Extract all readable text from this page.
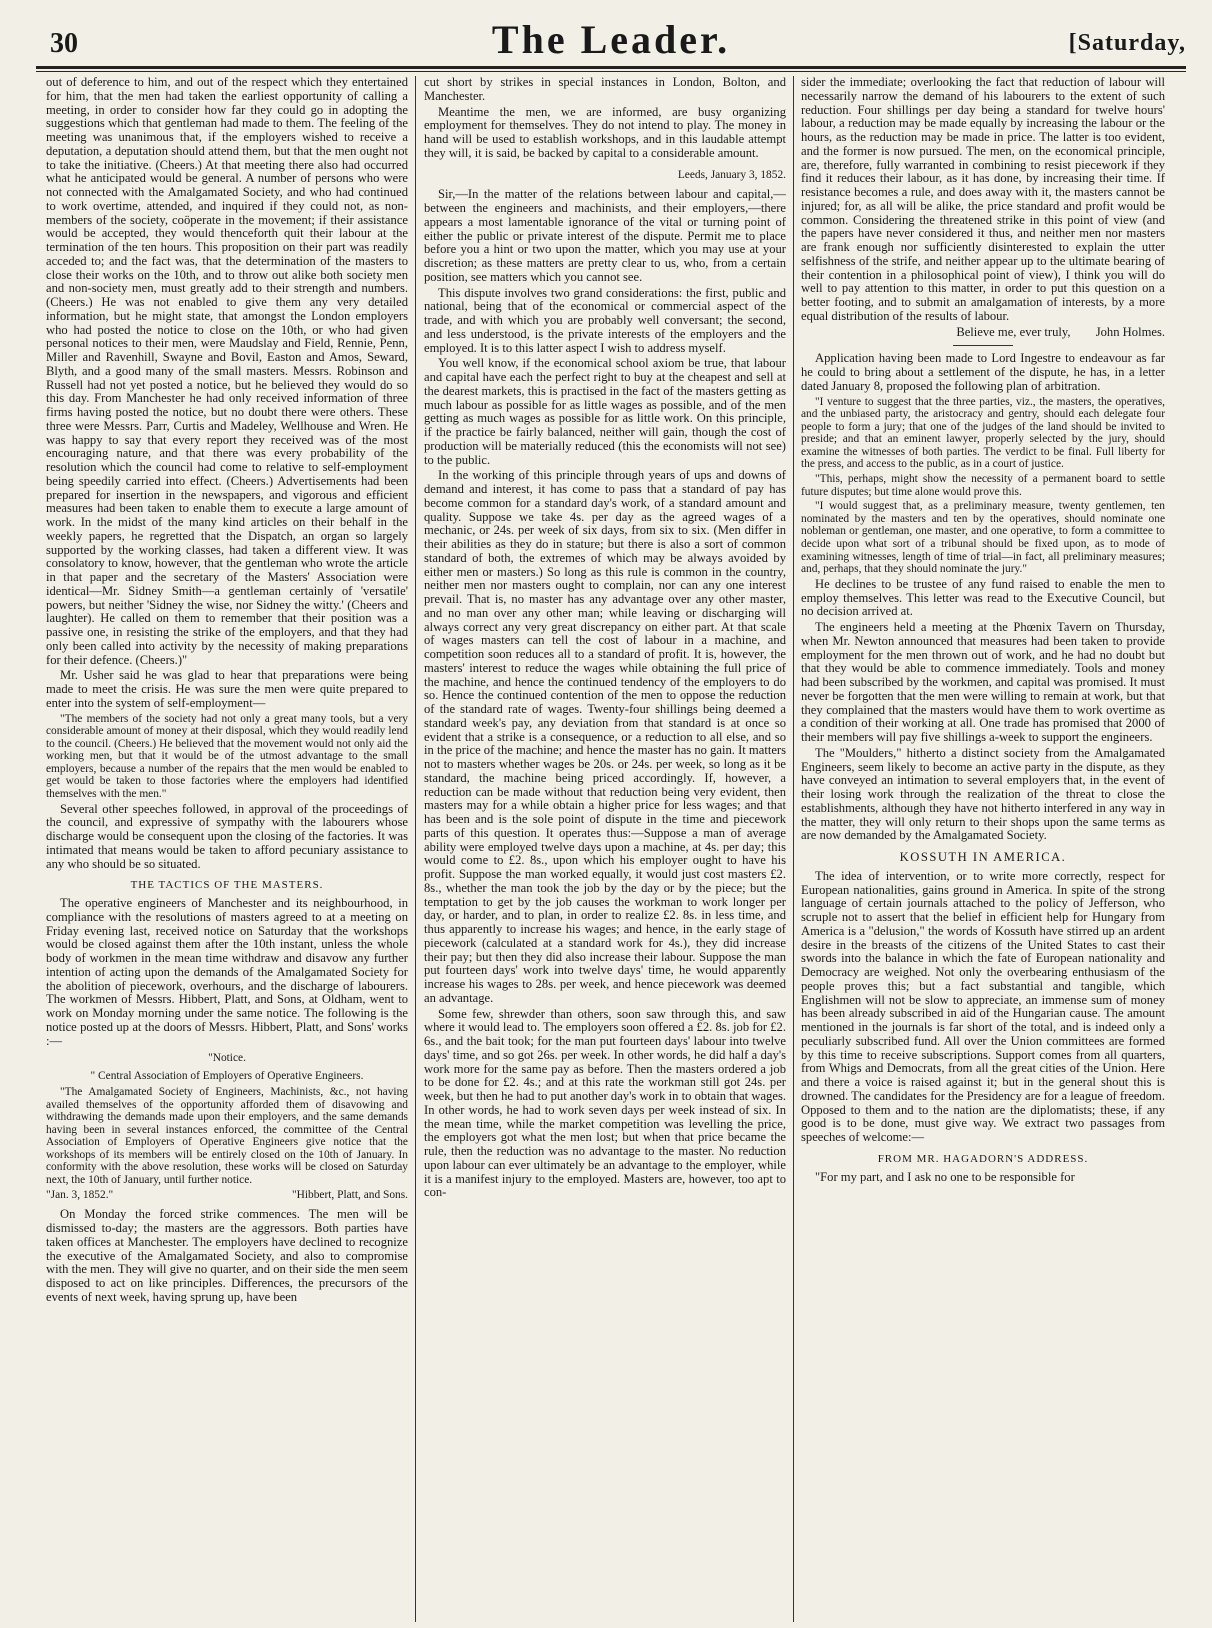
30	The Leader.	[Saturday,

out of deference to him, and out of the respect which they entertained for him, that the men had taken the earliest opportunity of calling a meeting, in order to consider how far they could go in adopting the suggestions which that gentleman had made to them. The feeling of the meeting was unanimous that, if the employers wished to receive a deputation, a deputation should attend them, but that the men ought not to take the initiative. (Cheers.) At that meeting there also had occurred what he anticipated would be general. A number of persons who were not connected with the Amalgamated Society, and who had continued to work overtime, attended, and inquired if they could not, as non-members of the society, coöperate in the movement; if their assistance would be accepted, they would thenceforth quit their labour at the termination of the ten hours. This proposition on their part was readily acceded to; and the fact was, that the determination of the masters to close their works on the 10th, and to throw out alike both society men and non-society men, must greatly add to their strength and numbers. (Cheers.) He was not enabled to give them any very detailed information, but he might state, that amongst the London employers who had posted the notice to close on the 10th, or who had given personal notices to their men, were Maudslay and Field, Rennie, Penn, Miller and Ravenhill, Swayne and Bovil, Easton and Amos, Seward, Blyth, and a good many of the small masters. Messrs. Robinson and Russell had not yet posted a notice, but he believed they would do so this day. From Manchester he had only received information of three firms having posted the notice, but no doubt there were others. These three were Messrs. Parr, Curtis and Madeley, Wellhouse and Wren. He was happy to say that every report they received was of the most encouraging nature, and that there was every probability of the resolution which the council had come to relative to self-employment being speedily carried into effect. (Cheers.) Advertisements had been prepared for insertion in the newspapers, and vigorous and efficient measures had been taken to enable them to execute a large amount of work. In the midst of the many kind articles on their behalf in the weekly papers, he regretted that the Dispatch, an organ so largely supported by the working classes, had taken a different view. It was consolatory to know, however, that the gentleman who wrote the article in that paper and the secretary of the Masters' Association were identical—Mr. Sidney Smith—a gentleman certainly of 'versatile' powers, but neither 'Sidney the wise, nor Sidney the witty.' (Cheers and laughter). He called on them to remember that their position was a passive one, in resisting the strike of the employers, and that they had only been called into activity by the necessity of making preparations for their defence. (Cheers.)"

Mr. Usher said he was glad to hear that preparations were being made to meet the crisis. He was sure the men were quite prepared to enter into the system of self-employment—

"The members of the society had not only a great many tools, but a very considerable amount of money at their disposal, which they would readily lend to the council. (Cheers.) He believed that the movement would not only aid the working men, but that it would be of the utmost advantage to the small employers, because a number of the repairs that the men would be enabled to get would be taken to those factories where the employers had identified themselves with the men."

Several other speeches followed, in approval of the proceedings of the council, and expressive of sympathy with the labourers whose discharge would be consequent upon the closing of the factories. It was intimated that means would be taken to afford pecuniary assistance to any who should be so situated.

THE TACTICS OF THE MASTERS.

The operative engineers of Manchester and its neighbourhood, in compliance with the resolutions of masters agreed to at a meeting on Friday evening last, received notice on Saturday that the workshops would be closed against them after the 10th instant, unless the whole body of workmen in the mean time withdraw and disavow any further intention of acting upon the demands of the Amalgamated Society for the abolition of piecework, overhours, and the discharge of labourers. The workmen of Messrs. Hibbert, Platt, and Sons, at Oldham, went to work on Monday morning under the same notice. The following is the notice posted up at the doors of Messrs. Hibbert, Platt, and Sons' works :—

"Notice.
" Central Association of Employers of Operative Engineers.

"The Amalgamated Society of Engineers, Machinists, &c., not having availed themselves of the opportunity afforded them of disavowing and withdrawing the demands made upon their employers, and the same demands having been in several instances enforced, the committee of the Central Association of Employers of Operative Engineers give notice that the workshops of its members will be entirely closed on the 10th of January. In conformity with the above resolution, these works will be closed on Saturday next, the 10th of January, until further notice.

"Jan. 3, 1852."	"Hibbert, Platt, and Sons.

On Monday the forced strike commences. The men will be dismissed to-day; the masters are the aggressors. Both parties have taken offices at Manchester. The employers have declined to recognize the executive of the Amalgamated Society, and also to compromise with the men. They will give no quarter, and on their side the men seem disposed to act on like principles. Differences, the precursors of the events of next week, having sprung up, have been

cut short by strikes in special instances in London, Bolton, and Manchester.

Meantime the men, we are informed, are busy organizing employment for themselves. They do not intend to play. The money in hand will be used to establish workshops, and in this laudable attempt they will, it is said, be backed by capital to a considerable amount.

Leeds, January 3, 1852.

Sir,—In the matter of the relations between labour and capital,—between the engineers and machinists, and their employers,—there appears a most lamentable ignorance of the vital or turning point of either the public or private interest of the dispute. Permit me to place before you a hint or two upon the matter, which you may use at your discretion; as these matters are pretty clear to us, who, from a certain position, see matters which you cannot see.

This dispute involves two grand considerations: the first, public and national, being that of the economical or commercial aspect of the trade, and with which you are probably well conversant; the second, and less understood, is the private interests of the employers and the employed. It is to this latter aspect I wish to address myself.

You well know, if the economical school axiom be true, that labour and capital have each the perfect right to buy at the cheapest and sell at the dearest markets, this is practised in the fact of the masters getting as much labour as possible for as little wages as possible, and of the men getting as much wages as possible for as little work. On this principle, if the practice be fairly balanced, neither will gain, though the cost of production will be materially reduced (this the economists will not see) to the public.

In the working of this principle through years of ups and downs of demand and interest, it has come to pass that a standard of pay has become common for a standard day's work, of a standard amount and quality. Suppose we take 4s. per day as the agreed wages of a mechanic, or 24s. per week of six days, from six to six. (Men differ in their abilities as they do in stature; but there is also a sort of common standard of both, the extremes of which may be always avoided by either men or masters.) So long as this rule is common in the country, neither men nor masters ought to complain, nor can any one interest prevail. That is, no master has any advantage over any other master, and no man over any other man; while leaving or discharging will always correct any very great discrepancy on either part. At that scale of wages masters can tell the cost of labour in a machine, and competition soon reduces all to a standard of profit. It is, however, the masters' interest to reduce the wages while obtaining the full price of the machine, and hence the continued tendency of the employers to do so. Hence the continued contention of the men to oppose the reduction of the standard rate of wages. Twenty-four shillings being deemed a standard week's pay, any deviation from that standard is at once so evident that a strike is a consequence, or a reduction to all else, and so in the price of the machine; and hence the master has no gain. It matters not to masters whether wages be 20s. or 24s. per week, so long as it be standard, the machine being priced accordingly. If, however, a reduction can be made without that reduction being very evident, then masters may for a while obtain a higher price for less wages; and that has been and is the sole point of dispute in the time and piecework parts of this question. It operates thus:—Suppose a man of average ability were employed twelve days upon a machine, at 4s. per day; this would come to £2. 8s., upon which his employer ought to have his profit. Suppose the man worked equally, it would just cost masters £2. 8s., whether the man took the job by the day or by the piece; but the temptation to get by the job causes the workman to work longer per day, or harder, and to plan, in order to realize £2. 8s. in less time, and thus apparently to increase his wages; and hence, in the early stage of piecework (calculated at a standard work for 4s.), they did increase their pay; but then they did also increase their labour. Suppose the man put fourteen days' work into twelve days' time, he would apparently increase his wages to 28s. per week, and hence piecework was deemed an advantage.

Some few, shrewder than others, soon saw through this, and saw where it would lead to. The employers soon offered a £2. 8s. job for £2. 6s., and the bait took; for the man put fourteen days' labour into twelve days' time, and so got 26s. per week. In other words, he did half a day's work more for the same pay as before. Then the masters ordered a job to be done for £2. 4s.; and at this rate the workman still got 24s. per week, but then he had to put another day's work in to obtain that wages. In other words, he had to work seven days per week instead of six. In the mean time, while the market competition was levelling the price, the employers got what the men lost; but when that price became the rule, then the reduction was no advantage to the master. No reduction upon labour can ever ultimately be an advantage to the employer, while it is a manifest injury to the employed. Masters are, however, too apt to con-

sider the immediate; overlooking the fact that reduction of labour will necessarily narrow the demand of his labourers to the extent of such reduction. Four shillings per day being a standard for twelve hours' labour, a reduction may be made equally by increasing the labour or the hours, as the reduction may be made in price. The latter is too evident, and the former is now pursued. The men, on the economical principle, are, therefore, fully warranted in combining to resist piecework if they find it reduces their labour, as it has done, by increasing their time. If resistance becomes a rule, and does away with it, the masters cannot be injured; for, as all will be alike, the price standard and profit would be common. Considering the threatened strike in this point of view (and the papers have never considered it thus, and neither men nor masters are frank enough nor sufficiently disinterested to explain the utter selfishness of the strife, and neither appear up to the ultimate bearing of their contention in a philosophical point of view), I think you will do well to pay attention to this matter, in order to put this question on a better footing, and to submit an amalgamation of interests, by a more equal distribution of the results of labour.

Believe me, ever truly, John Holmes.

Application having been made to Lord Ingestre to endeavour as far he could to bring about a settlement of the dispute, he has, in a letter dated January 8, proposed the following plan of arbitration.

"I venture to suggest that the three parties, viz., the masters, the operatives, and the unbiased party, the aristocracy and gentry, should each delegate four people to form a jury; that one of the judges of the land should be invited to preside; and that an eminent lawyer, properly selected by the jury, should examine the witnesses of both parties. The verdict to be final. Full liberty for the press, and access to the public, as in a court of justice.

"This, perhaps, might show the necessity of a permanent board to settle future disputes; but time alone would prove this.

"I would suggest that, as a preliminary measure, twenty gentlemen, ten nominated by the masters and ten by the operatives, should nominate one nobleman or gentleman, one master, and one operative, to form a committee to decide upon what sort of a tribunal should be fixed upon, as to mode of examining witnesses, length of time of trial—in fact, all preliminary measures; and, perhaps, that they should nominate the jury."

He declines to be trustee of any fund raised to enable the men to employ themselves. This letter was read to the Executive Council, but no decision arrived at.

The engineers held a meeting at the Phœnix Tavern on Thursday, when Mr. Newton announced that measures had been taken to provide employment for the men thrown out of work, and he had no doubt but that they would be able to commence immediately. Tools and money had been subscribed by the workmen, and capital was promised. It must never be forgotten that the men were willing to remain at work, but that they complained that the masters would have them to work overtime as a condition of their working at all. One trade has promised that 2000 of their members will pay five shillings a-week to support the engineers.

The "Moulders," hitherto a distinct society from the Amalgamated Engineers, seem likely to become an active party in the dispute, as they have conveyed an intimation to several employers that, in the event of their losing work through the realization of the threat to close the establishments, although they have not hitherto interfered in any way in the matter, they will only return to their shops upon the same terms as are now demanded by the Amalgamated Society.

KOSSUTH IN AMERICA.

The idea of intervention, or to write more correctly, respect for European nationalities, gains ground in America. In spite of the strong language of certain journals attached to the policy of Jefferson, who scruple not to assert that the belief in efficient help for Hungary from America is a "delusion," the words of Kossuth have stirred up an ardent desire in the breasts of the citizens of the United States to cast their swords into the balance in which the fate of European nationality and Democracy are weighed. Not only the overbearing enthusiasm of the people proves this; but a fact substantial and tangible, which Englishmen will not be slow to appreciate, an immense sum of money has been already subscribed in aid of the Hungarian cause. The amount mentioned in the journals is far short of the total, and is indeed only a peculiarly subscribed fund. All over the Union committees are formed by this time to receive subscriptions. Support comes from all quarters, from Whigs and Democrats, from all the great cities of the Union. Here and there a voice is raised against it; but in the general shout this is drowned. The candidates for the Presidency are for a league of freedom. Opposed to them and to the nation are the diplomatists; these, if any good is to be done, must give way. We extract two passages from speeches of welcome:—

FROM MR. HAGADORN'S ADDRESS.

"For my part, and I ask no one to be responsible for
